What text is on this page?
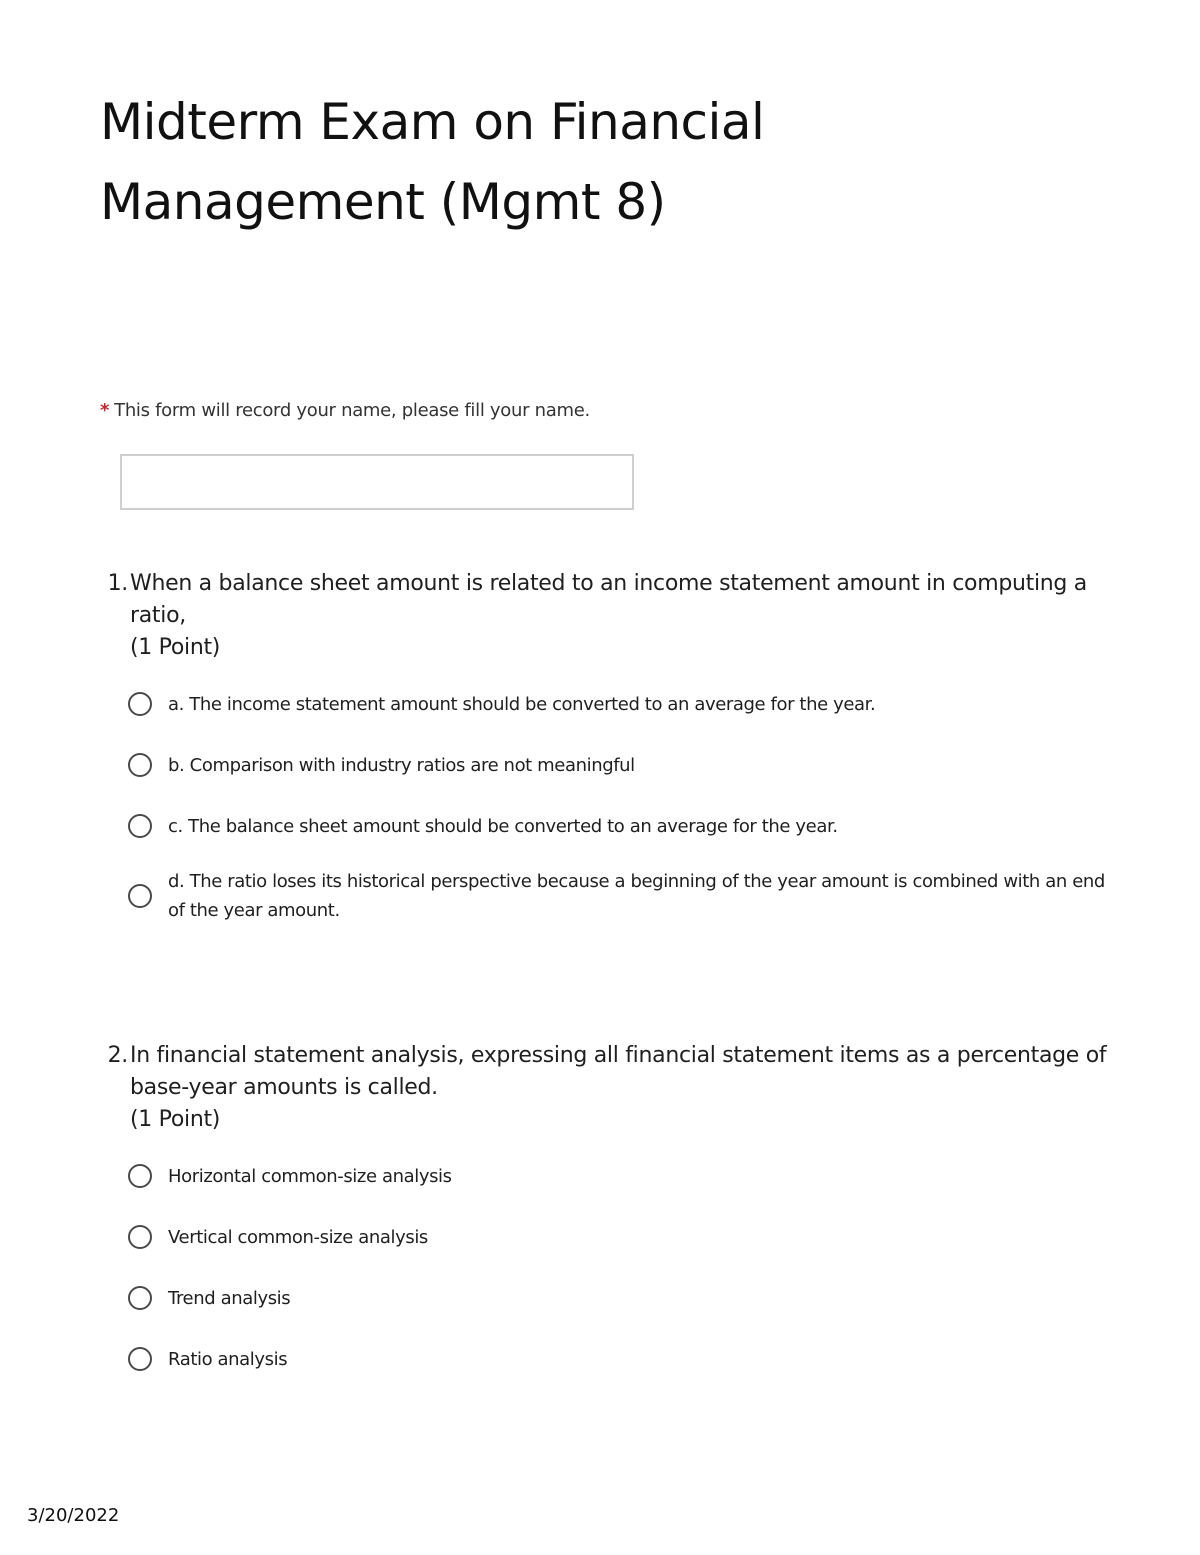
Midterm Exam on Financial Management (Mgmt 8)
* This form will record your name, please fill your name.
1. When a balance sheet amount is related to an income statement amount in computing a ratio,
(1 Point)
a. The income statement amount should be converted to an average for the year.
b. Comparison with industry ratios are not meaningful
c. The balance sheet amount should be converted to an average for the year.
d. The ratio loses its historical perspective because a beginning of the year amount is combined with an end of the year amount.
2. In financial statement analysis, expressing all financial statement items as a percentage of base-year amounts is called.
(1 Point)
Horizontal common-size analysis
Vertical common-size analysis
Trend analysis
Ratio analysis
3/20/2022
